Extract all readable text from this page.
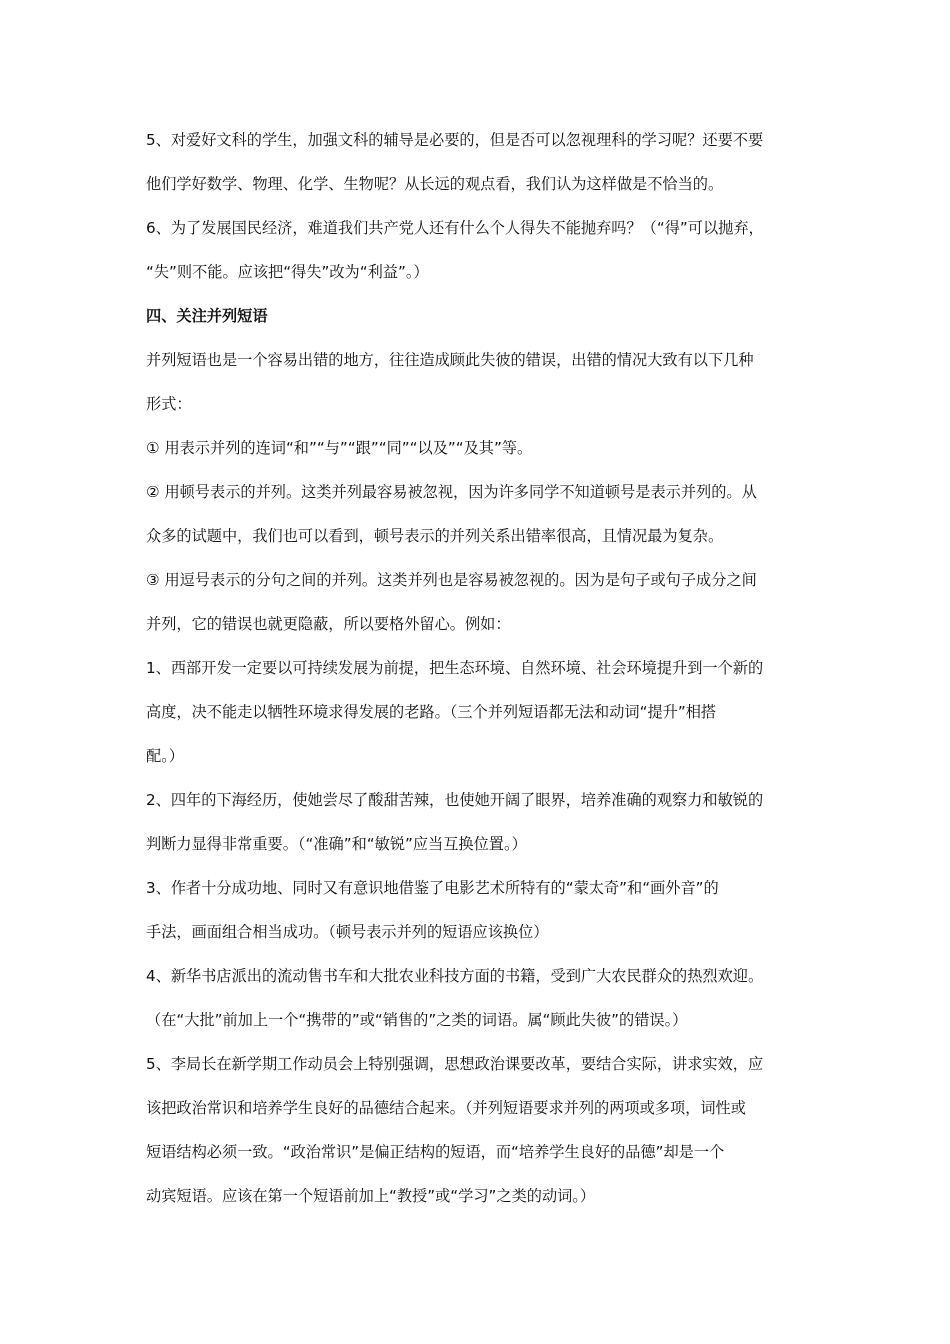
5、对爱好文科的学生，加强文科的辅导是必要的，但是否可以忽视理科的学习呢？还要不要
他们学好数学、物理、化学、生物呢？从长远的观点看，我们认为这样做是不恰当的。
6、为了发展国民经济，难道我们共产党人还有什么个人得失不能抛弃吗？（“得”可以抛弃，
“失”则不能。应该把“得失”改为“利益”。）
四、关注并列短语
并列短语也是一个容易出错的地方，往往造成顾此失彼的错误，出错的情况大致有以下几种
形式：
① 用表示并列的连词“和”“与”“跟”“同”“以及”“及其”等。
② 用顿号表示的并列。这类并列最容易被忽视，因为许多同学不知道顿号是表示并列的。从
众多的试题中，我们也可以看到，顿号表示的并列关系出错率很高，且情况最为复杂。
③ 用逗号表示的分句之间的并列。这类并列也是容易被忽视的。因为是句子或句子成分之间
并列，它的错误也就更隐蔽，所以要格外留心。例如：
1、西部开发一定要以可持续发展为前提，把生态环境、自然环境、社会环境提升到一个新的
高度，决不能走以牺牲环境求得发展的老路。（三个并列短语都无法和动词“提升”相搭
配。）
2、四年的下海经历，使她尝尽了酸甜苦辣，也使她开阔了眼界，培养准确的观察力和敏锐的
判断力显得非常重要。（“准确”和“敏锐”应当互换位置。）
3、作者十分成功地、同时又有意识地借鉴了电影艺术所特有的“蒙太奇”和“画外音”的
手法，画面组合相当成功。（顿号表示并列的短语应该换位）
4、新华书店派出的流动售书车和大批农业科技方面的书籍，受到广大农民群众的热烈欢迎。
（在“大批”前加上一个“携带的”或“销售的”之类的词语。属“顾此失彼”的错误。）
5、李局长在新学期工作动员会上特别强调，思想政治课要改革，要结合实际，讲求实效，应
该把政治常识和培养学生良好的品德结合起来。（并列短语要求并列的两项或多项，词性或
短语结构必须一致。“政治常识”是偏正结构的短语，而“培养学生良好的品德”却是一个
动宾短语。应该在第一个短语前加上“教授”或“学习”之类的动词。）
